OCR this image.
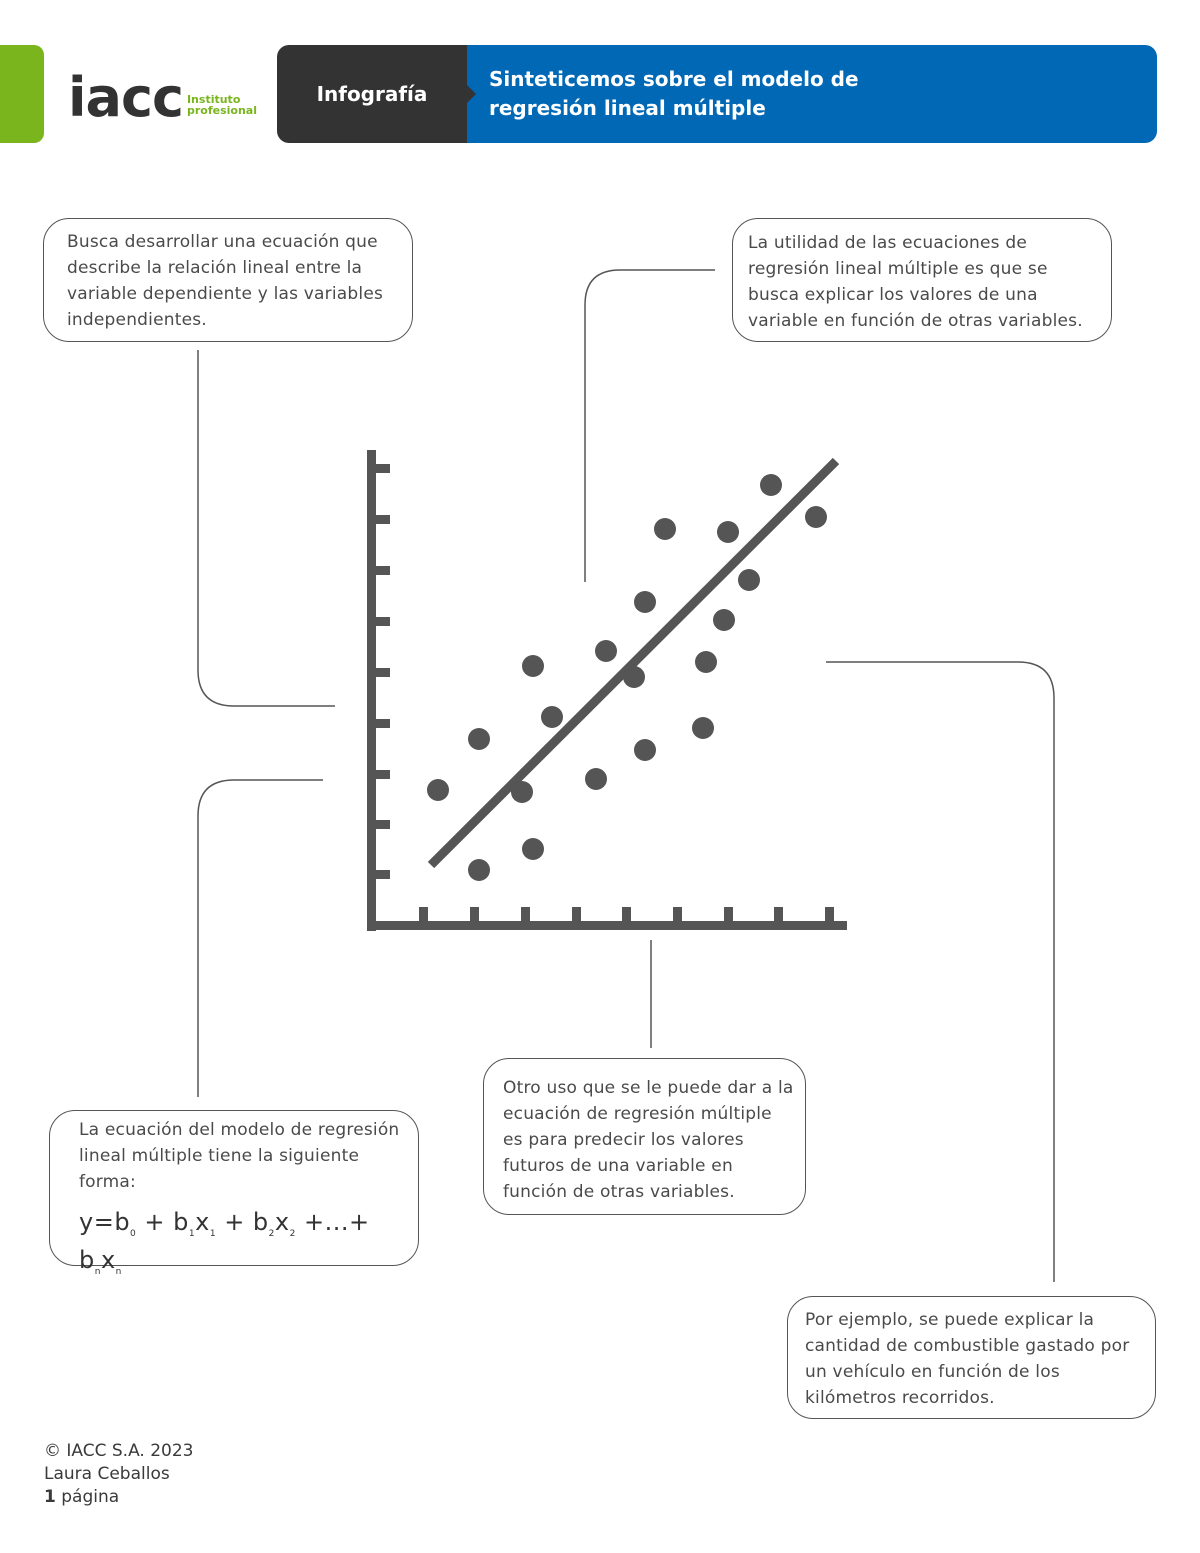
iacc Instituto
profesional
Infografía
Sinteticemos sobre el modelo de
regresión lineal múltiple
Busca desarrollar una ecuación que describe la relación lineal entre la variable dependiente y las variables independientes.
La utilidad de las ecuaciones de regresión lineal múltiple es que se busca explicar los valores de una variable en función de otras variables.
La ecuación del modelo de regresión lineal múltiple tiene la siguiente forma:
$y=b_0 + b_1x_1 + b_2x_2$ +...+ $b_nx_n$
Otro uso que se le puede dar a la ecuación de regresión múltiple es para predecir los valores futuros de una variable en función de otras variables.
Por ejemplo, se puede explicar la cantidad de combustible gastado por un vehículo en función de los kilómetros recorridos.
© IACC S.A. 2023
Laura Ceballos
1 página
